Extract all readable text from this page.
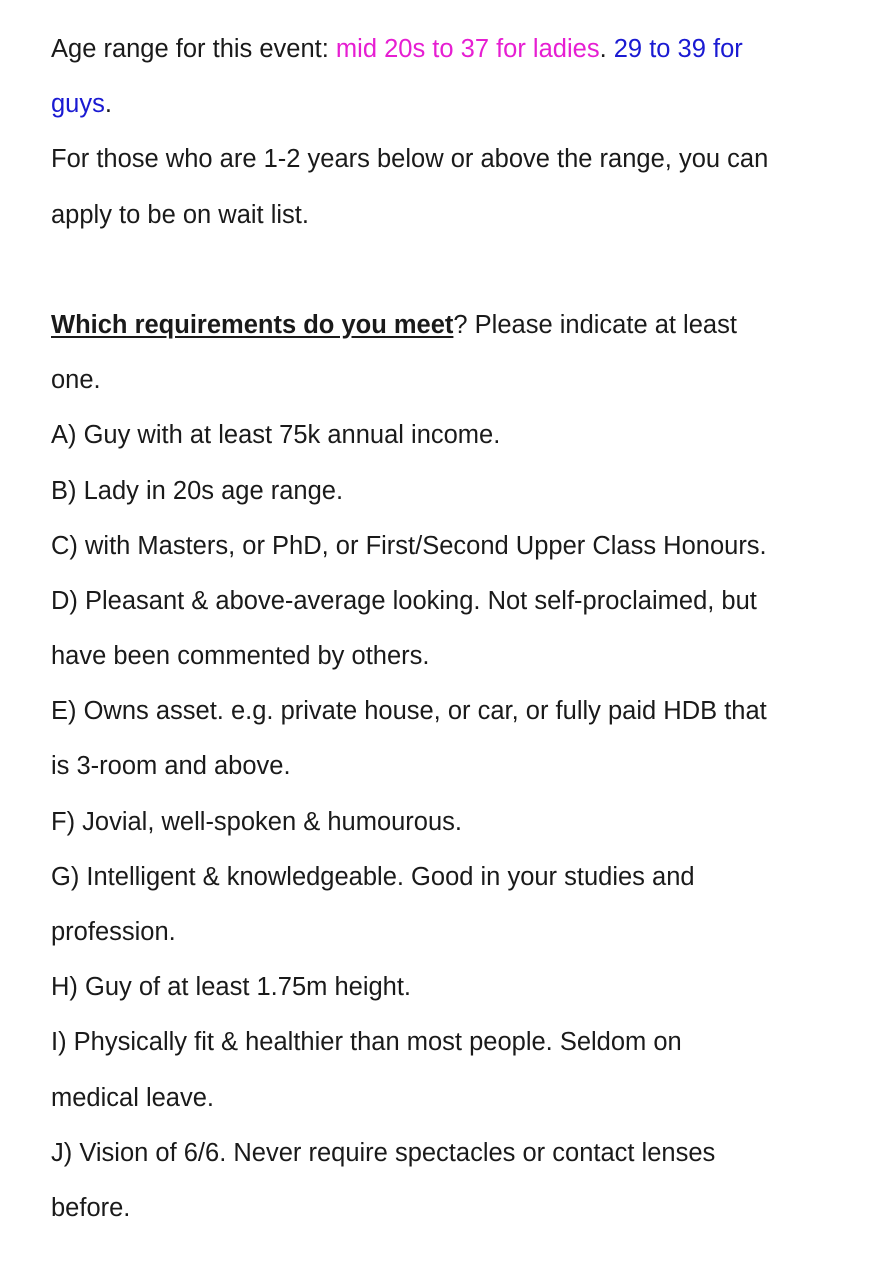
Age range for this event: mid 20s to 37 for ladies. 29 to 39 for
guys.
For those who are 1-2 years below or above the range, you can
apply to be on wait list.
Which requirements do you meet? Please indicate at least
one.
A) Guy with at least 75k annual income.
B) Lady in 20s age range.
C) with Masters, or PhD, or First/Second Upper Class Honours.
D) Pleasant & above-average looking. Not self-proclaimed, but
have been commented by others.
E) Owns asset. e.g. private house, or car, or fully paid HDB that
is 3-room and above.
F) Jovial, well-spoken & humourous.
G) Intelligent & knowledgeable. Good in your studies and
profession.
H) Guy of at least 1.75m height.
I) Physically fit & healthier than most people. Seldom on
medical leave.
J) Vision of 6/6. Never require spectacles or contact lenses
before.
